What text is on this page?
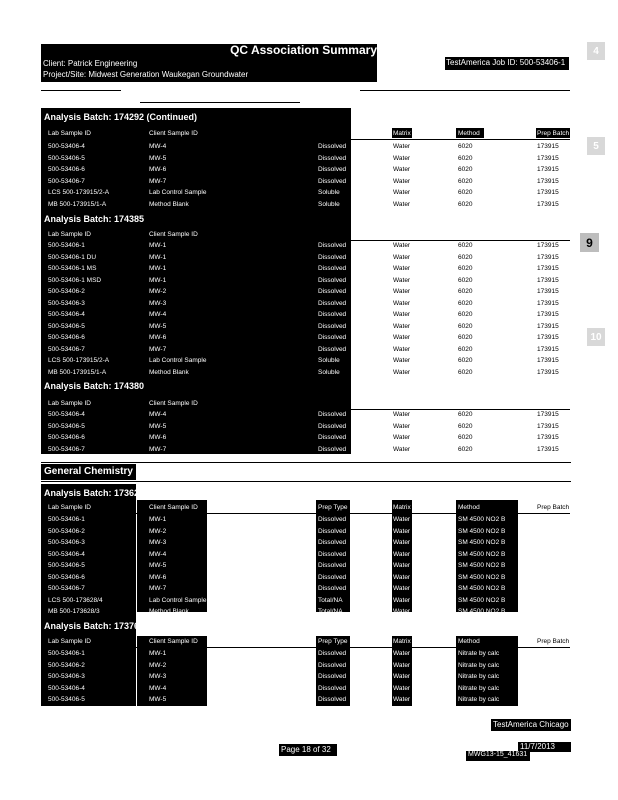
QC Association Summary
Client: Patrick Engineering
Project/Site: Midwest Generation Waukegan Groundwater
TestAmerica Job ID: 500-53406-1
4
5
9
10
Analysis Batch: 174292 (Continued)
Analysis Batch: 174385
Analysis Batch: 174380
General Chemistry
Analysis Batch: 173628
Analysis Batch: 173766
Lab Sample ID	Client Sample ID	Prep Type	Matrix	Method	Prep Batch
500-53406-4	MW-4	Dissolved	Water	6020	173915
500-53406-5	MW-5	Dissolved	Water	6020	173915
500-53406-6	MW-6	Dissolved	Water	6020	173915
500-53406-7	MW-7	Dissolved	Water	6020	173915
LCS 500-173915/2-A	Lab Control Sample	Soluble	Water	6020	173915
MB 500-173915/1-A	Method Blank	Soluble	Water	6020	173915
Lab Sample ID	Client Sample ID	Prep Type	Matrix	Method	Prep Batch
500-53406-1	MW-1	Dissolved	Water	6020	173915
500-53406-1 DU	MW-1	Dissolved	Water	6020	173915
500-53406-1 MS	MW-1	Dissolved	Water	6020	173915
500-53406-1 MSD	MW-1	Dissolved	Water	6020	173915
500-53406-2	MW-2	Dissolved	Water	6020	173915
500-53406-3	MW-3	Dissolved	Water	6020	173915
500-53406-4	MW-4	Dissolved	Water	6020	173915
500-53406-5	MW-5	Dissolved	Water	6020	173915
500-53406-6	MW-6	Dissolved	Water	6020	173915
500-53406-7	MW-7	Dissolved	Water	6020	173915
LCS 500-173915/2-A	Lab Control Sample	Soluble	Water	6020	173915
MB 500-173915/1-A	Method Blank	Soluble	Water	6020	173915
Lab Sample ID	Client Sample ID	Prep Type	Matrix	Method	Prep Batch
500-53406-4	MW-4	Dissolved	Water	6020	173915
500-53406-5	MW-5	Dissolved	Water	6020	173915
500-53406-6	MW-6	Dissolved	Water	6020	173915
500-53406-7	MW-7	Dissolved	Water	6020	173915
Lab Sample ID	Client Sample ID	Prep Type	Matrix	Method	Prep Batch
500-53406-1	MW-1	Dissolved	Water	SM 4500 NO2 B
500-53406-2	MW-2	Dissolved	Water	SM 4500 NO2 B
500-53406-3	MW-3	Dissolved	Water	SM 4500 NO2 B
500-53406-4	MW-4	Dissolved	Water	SM 4500 NO2 B
500-53406-5	MW-5	Dissolved	Water	SM 4500 NO2 B
500-53406-6	MW-6	Dissolved	Water	SM 4500 NO2 B
500-53406-7	MW-7	Dissolved	Water	SM 4500 NO2 B
LCS 500-173628/4	Lab Control Sample	Total/NA	Water	SM 4500 NO2 B
MB 500-173628/3	Method Blank	Total/NA	Water	SM 4500 NO2 B
Lab Sample ID	Client Sample ID	Prep Type	Matrix	Method	Prep Batch
500-53406-1	MW-1	Dissolved	Water	Nitrate by calc
500-53406-2	MW-2	Dissolved	Water	Nitrate by calc
500-53406-3	MW-3	Dissolved	Water	Nitrate by calc
500-53406-4	MW-4	Dissolved	Water	Nitrate by calc
500-53406-5	MW-5	Dissolved	Water	Nitrate by calc
TestAmerica Chicago
Page 18 of 32	11/7/2013
MWG13-15_41631
